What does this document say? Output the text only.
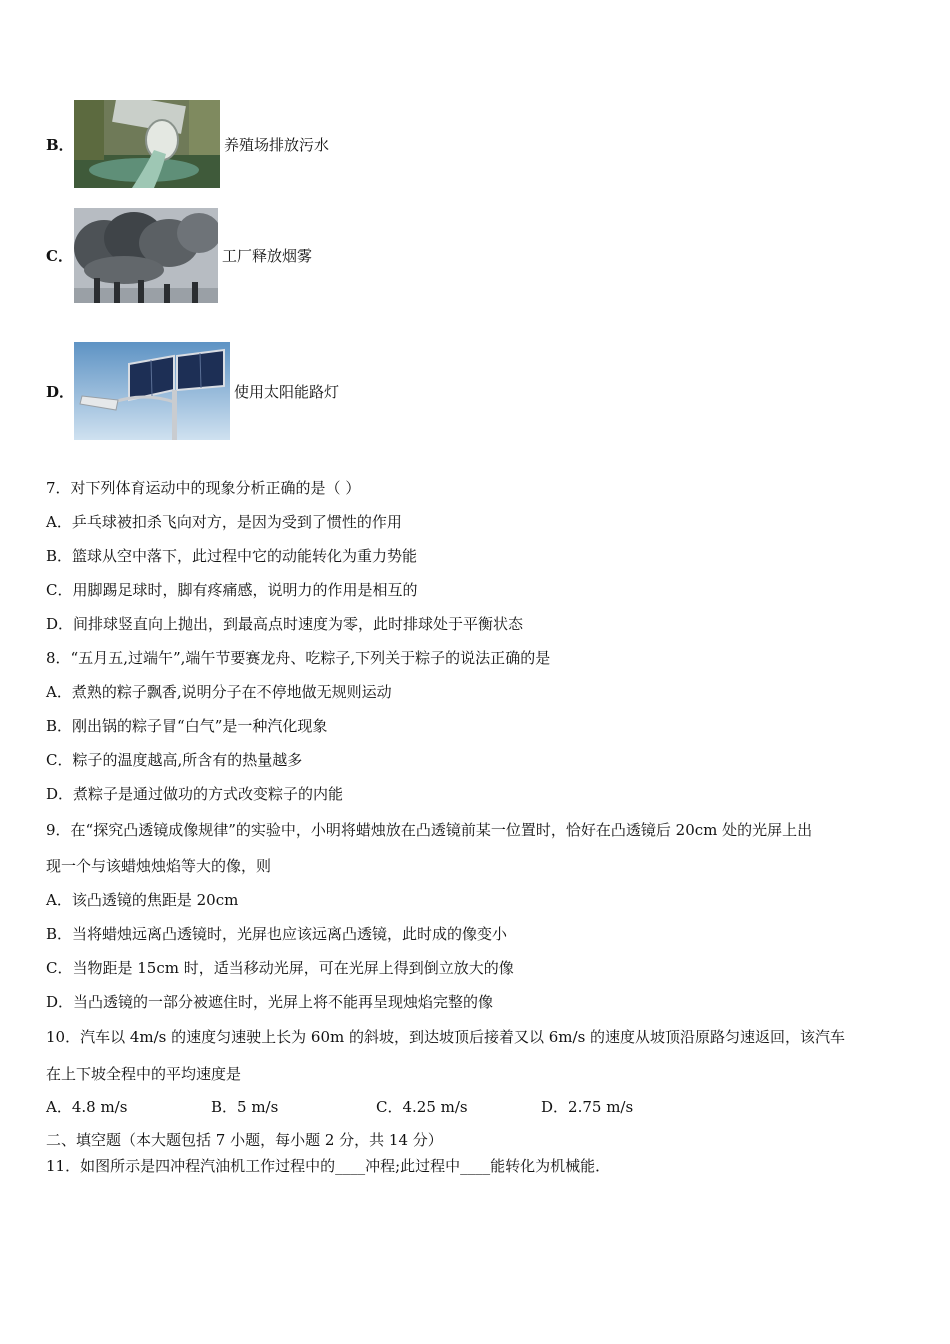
B．	养殖场排放污水
C．	工厂释放烟雾
D．	使用太阳能路灯
7．对下列体育运动中的现象分析正确的是（ ）
A．乒乓球被扣杀飞向对方，是因为受到了惯性的作用
B．篮球从空中落下，此过程中它的动能转化为重力势能
C．用脚踢足球时，脚有疼痛感，说明力的作用是相互的
D．间排球竖直向上抛出，到最高点时速度为零，此时排球处于平衡状态
8．“五月五,过端午”,端午节要赛龙舟、吃粽子,下列关于粽子的说法正确的是
A．煮熟的粽子飘香,说明分子在不停地做无规则运动
B．刚出锅的粽子冒“白气”是一种汽化现象
C．粽子的温度越高,所含有的热量越多
D．煮粽子是通过做功的方式改变粽子的内能
9．在“探究凸透镜成像规律”的实验中，小明将蜡烛放在凸透镜前某一位置时，恰好在凸透镜后 20cm 处的光屏上出
现一个与该蜡烛烛焰等大的像，则
A．该凸透镜的焦距是 20cm
B．当将蜡烛远离凸透镜时，光屏也应该远离凸透镜，此时成的像变小
C．当物距是 15cm 时，适当移动光屏，可在光屏上得到倒立放大的像
D．当凸透镜的一部分被遮住时，光屏上将不能再呈现烛焰完整的像
10．汽车以 4m/s 的速度匀速驶上长为 60m 的斜坡，到达坡顶后接着又以 6m/s 的速度从坡顶沿原路匀速返回，该汽车
在上下坡全程中的平均速度是
A．4.8 m/s	B．5 m/s	C．4.25 m/s	D．2.75 m/s
二、填空题（本大题包括 7 小题，每小题 2 分，共 14 分）
11．如图所示是四冲程汽油机工作过程中的____冲程;此过程中____能转化为机械能．
